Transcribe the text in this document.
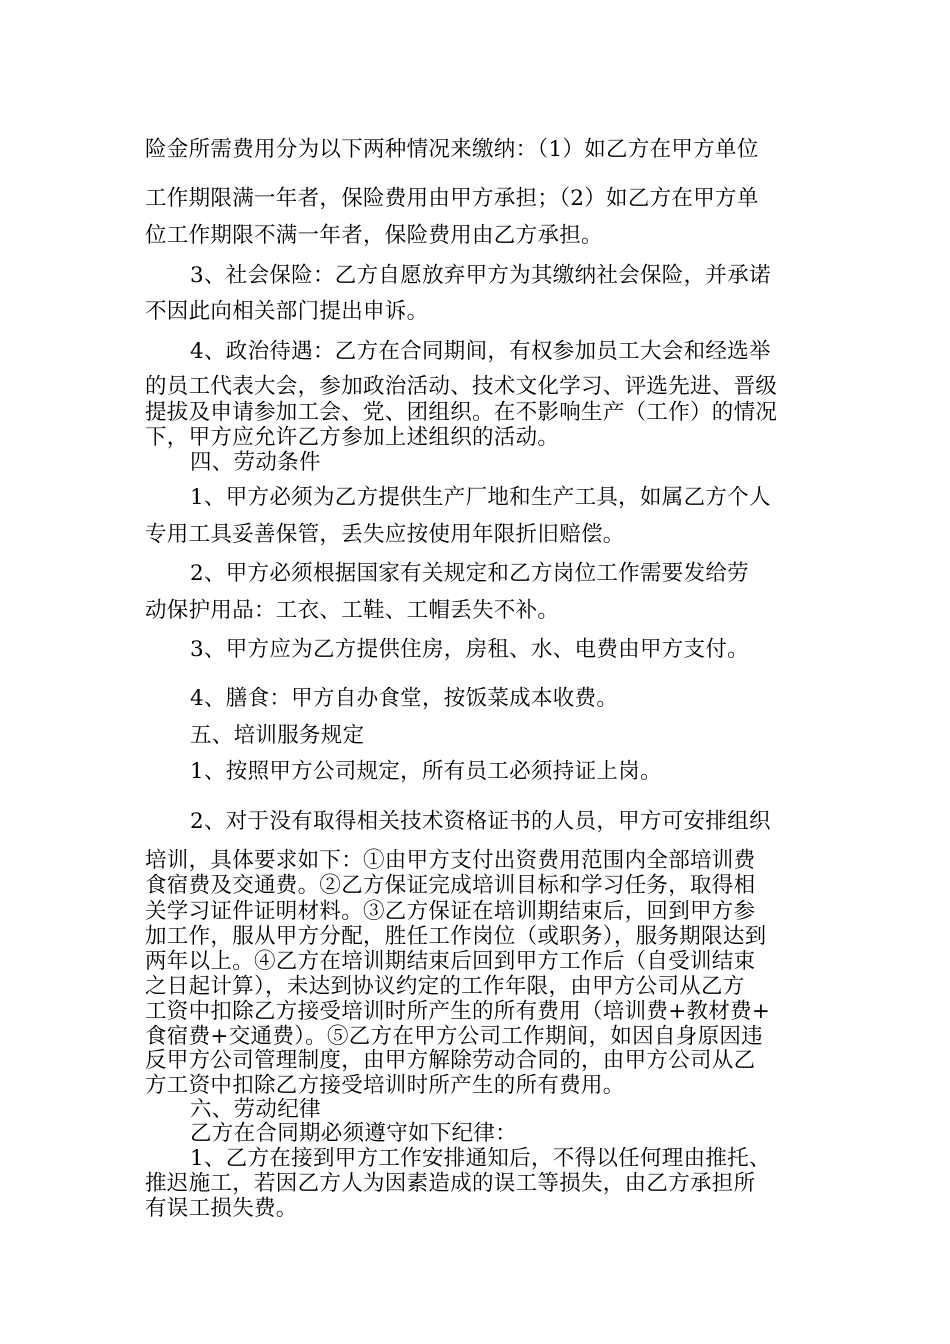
险金所需费用分为以下两种情况来缴纳：（1）如乙方在甲方单位
工作期限满一年者，保险费用由甲方承担；（2）如乙方在甲方单
位工作期限不满一年者，保险费用由乙方承担。
3、社会保险：乙方自愿放弃甲方为其缴纳社会保险，并承诺
不因此向相关部门提出申诉。
4、政治待遇：乙方在合同期间，有权参加员工大会和经选举
的员工代表大会，参加政治活动、技术文化学习、评选先进、晋级
提拔及申请参加工会、党、团组织。在不影响生产（工作）的情况
下，甲方应允许乙方参加上述组织的活动。
四、劳动条件
1、甲方必须为乙方提供生产厂地和生产工具，如属乙方个人
专用工具妥善保管，丢失应按使用年限折旧赔偿。
2、甲方必须根据国家有关规定和乙方岗位工作需要发给劳
动保护用品：工衣、工鞋、工帽丢失不补。
3、甲方应为乙方提供住房，房租、水、电费由甲方支付。
4、膳食：甲方自办食堂，按饭菜成本收费。
五、培训服务规定
1、按照甲方公司规定，所有员工必须持证上岗。
2、对于没有取得相关技术资格证书的人员，甲方可安排组织
培训，具体要求如下：①由甲方支付出资费用范围内全部培训费
食宿费及交通费。②乙方保证完成培训目标和学习任务，取得相
关学习证件证明材料。③乙方保证在培训期结束后，回到甲方参
加工作，服从甲方分配，胜任工作岗位（或职务），服务期限达到
两年以上。④乙方在培训期结束后回到甲方工作后（自受训结束
之日起计算），未达到协议约定的工作年限，由甲方公司从乙方
工资中扣除乙方接受培训时所产生的所有费用（培训费+教材费+
食宿费+交通费）。⑤乙方在甲方公司工作期间，如因自身原因违
反甲方公司管理制度，由甲方解除劳动合同的，由甲方公司从乙
方工资中扣除乙方接受培训时所产生的所有费用。
六、劳动纪律
乙方在合同期必须遵守如下纪律：
1、乙方在接到甲方工作安排通知后，不得以任何理由推托、
推迟施工，若因乙方人为因素造成的误工等损失，由乙方承担所
有误工损失费。
